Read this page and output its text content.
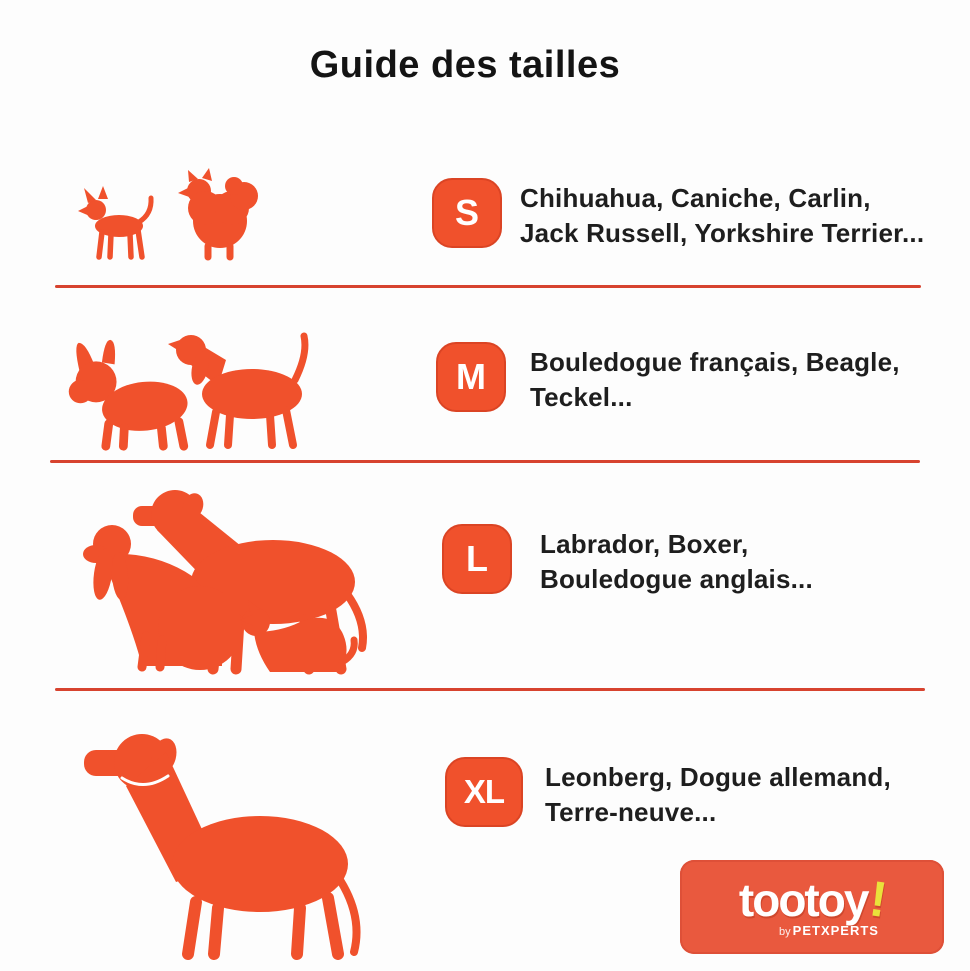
Guide des tailles
S Chihuahua, Caniche, Carlin,
Jack Russell, Yorkshire Terrier...
M Bouledogue français, Beagle,
Teckel...
L Labrador, Boxer,
Bouledogue anglais...
XL Leonberg, Dogue allemand,
Terre-neuve...
tootoy!
by PETXPERTS
